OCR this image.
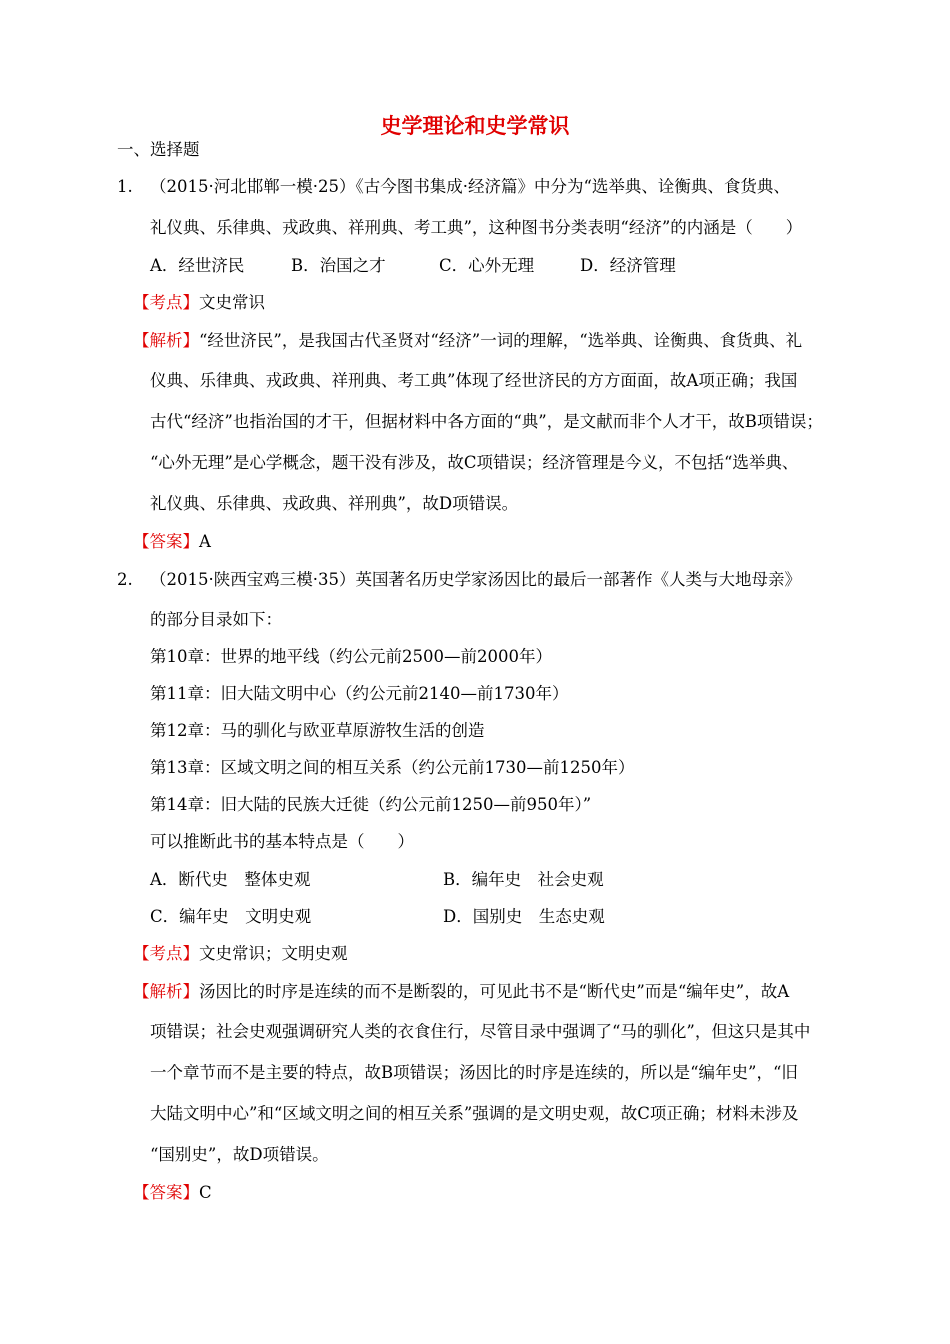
史学理论和史学常识
一、选择题
1. （2015·河北邯郸一模·25）《古今图书集成·经济篇》中分为“选举典、诠衡典、食货典、
礼仪典、乐律典、戎政典、祥刑典、考工典”，这种图书分类表明“经济”的内涵是（　　）
A．经世济民	B．治国之才	C．心外无理	D．经济管理
【考点】文史常识
【解析】“经世济民”，是我国古代圣贤对“经济”一词的理解，“选举典、诠衡典、食货典、礼
仪典、乐律典、戎政典、祥刑典、考工典”体现了经世济民的方方面面，故A项正确；我国
古代“经济”也指治国的才干，但据材料中各方面的“典”，是文献而非个人才干，故B项错误；
“心外无理”是心学概念，题干没有涉及，故C项错误；经济管理是今义，不包括“选举典、
礼仪典、乐律典、戎政典、祥刑典”，故D项错误。
【答案】A
2. （2015·陕西宝鸡三模·35）英国著名历史学家汤因比的最后一部著作《人类与大地母亲》
的部分目录如下：
第10章：世界的地平线（约公元前2500—前2000年）
第11章：旧大陆文明中心（约公元前2140—前1730年）
第12章：马的驯化与欧亚草原游牧生活的创造
第13章：区域文明之间的相互关系（约公元前1730—前1250年）
第14章：旧大陆的民族大迁徙（约公元前1250—前950年）”
可以推断此书的基本特点是（　　）
A．断代史　整体史观	B．编年史　社会史观
C．编年史　文明史观	D．国别史　生态史观
【考点】文史常识；文明史观
【解析】汤因比的时序是连续的而不是断裂的，可见此书不是“断代史”而是“编年史”，故A
项错误；社会史观强调研究人类的衣食住行，尽管目录中强调了“马的驯化”，但这只是其中
一个章节而不是主要的特点，故B项错误；汤因比的时序是连续的，所以是“编年史”，“旧
大陆文明中心”和“区域文明之间的相互关系”强调的是文明史观，故C项正确；材料未涉及
“国别史”，故D项错误。
【答案】C
